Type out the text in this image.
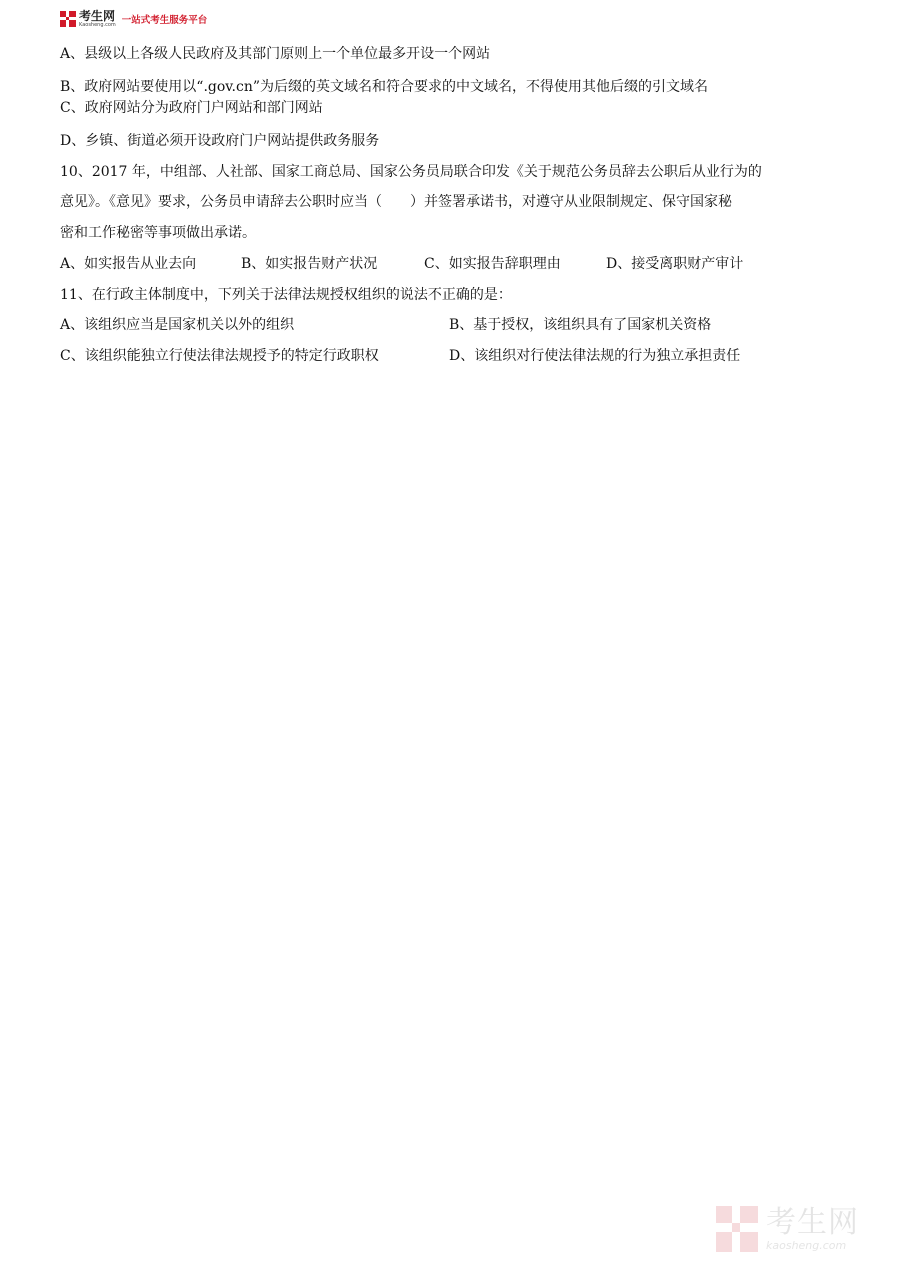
考生网
Kaosheng.com 一站式考生服务平台
A、县级以上各级人民政府及其部门原则上一个单位最多开设一个网站
B、政府网站要使用以“.gov.cn”为后缀的英文域名和符合要求的中文域名，不得使用其他后缀的引文域名
C、政府网站分为政府门户网站和部门网站
D、乡镇、街道必须开设政府门户网站提供政务服务
10、2017 年，中组部、人社部、国家工商总局、国家公务员局联合印发《关于规范公务员辞去公职后从业行为的
意见》。《意见》要求，公务员申请辞去公职时应当（　　）并签署承诺书，对遵守从业限制规定、保守国家秘
密和工作秘密等事项做出承诺。
A、如实报告从业去向	B、如实报告财产状况	C、如实报告辞职理由	D、接受离职财产审计
11、在行政主体制度中，下列关于法律法规授权组织的说法不正确的是：
A、该组织应当是国家机关以外的组织	B、基于授权，该组织具有了国家机关资格
C、该组织能独立行使法律法规授予的特定行政职权	D、该组织对行使法律法规的行为独立承担责任
考生网
kaosheng.com
